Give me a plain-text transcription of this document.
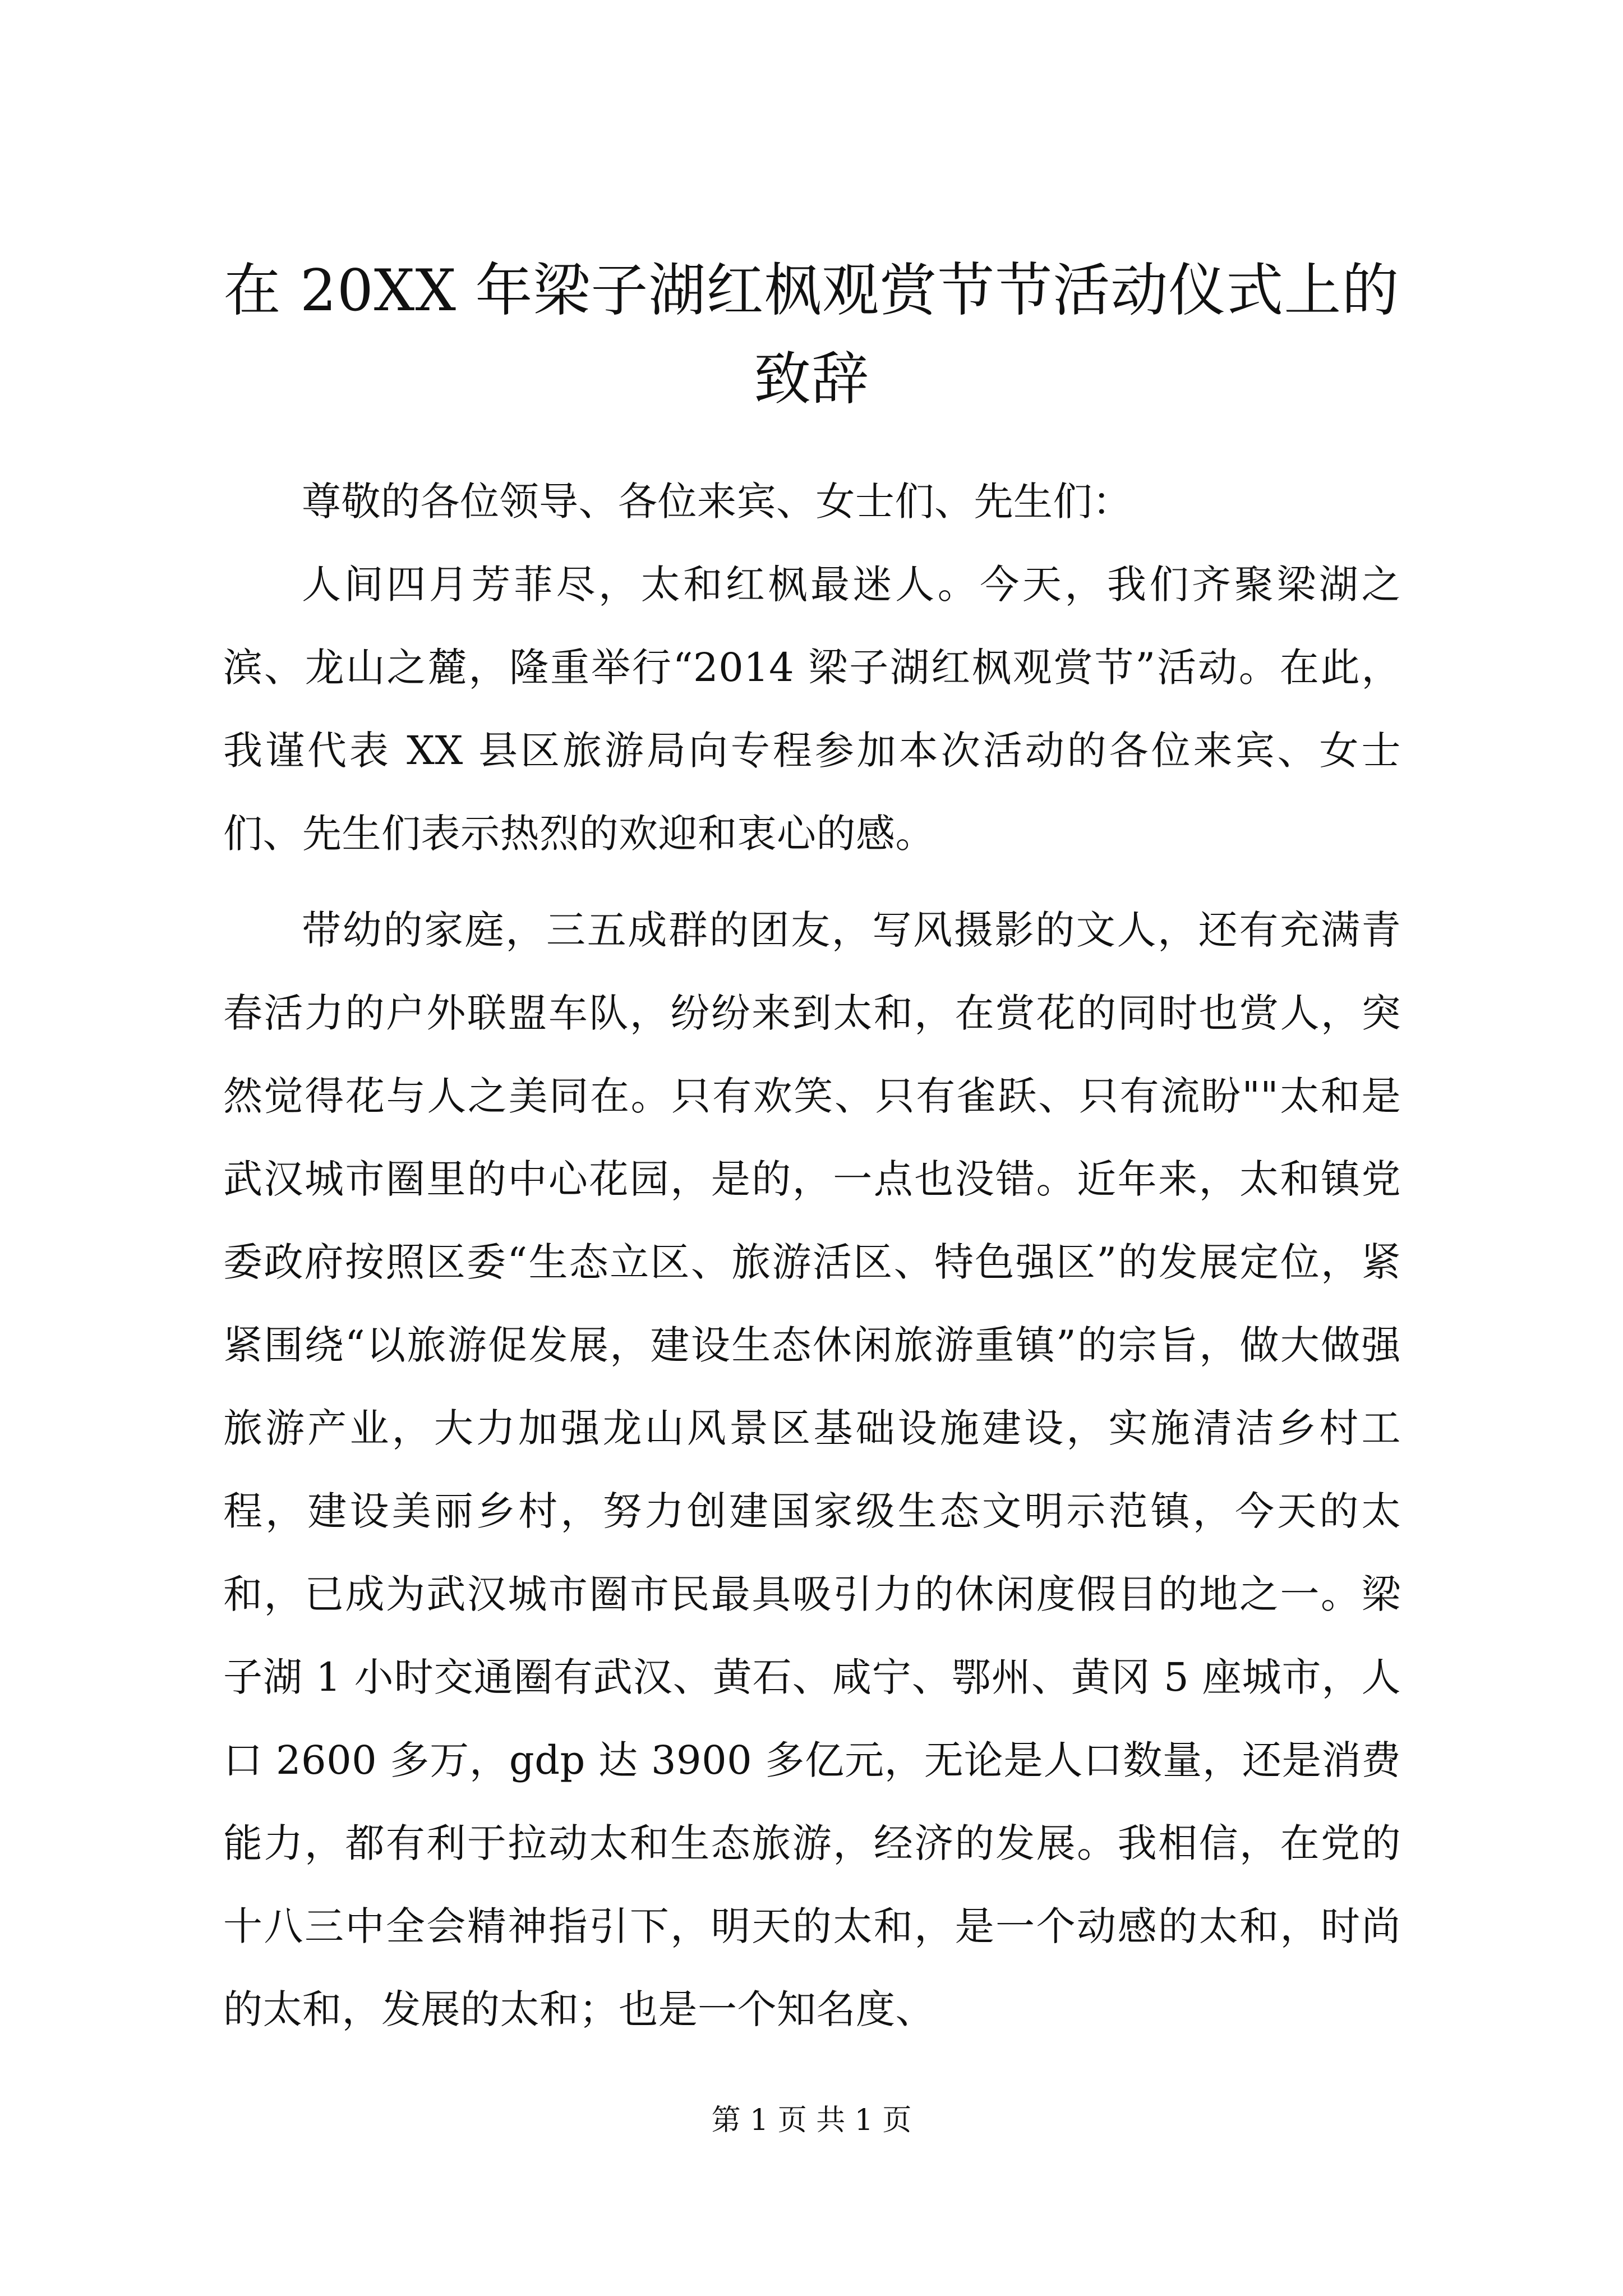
在 20XX 年梁子湖红枫观赏节节活动仪式上的
致辞

尊敬的各位领导、各位来宾、女士们、先生们：

人间四月芳菲尽，太和红枫最迷人。今天，我们齐聚梁湖之滨、龙山之麓，隆重举行“2014 梁子湖红枫观赏节”活动。在此，我谨代表 XX 县区旅游局向专程参加本次活动的各位来宾、女士们、先生们表示热烈的欢迎和衷心的感。

带幼的家庭，三五成群的团友，写风摄影的文人，还有充满青春活力的户外联盟车队，纷纷来到太和，在赏花的同时也赏人，突然觉得花与人之美同在。只有欢笑、只有雀跃、只有流盼""太和是武汉城市圈里的中心花园，是的，一点也没错。近年来，太和镇党委政府按照区委“生态立区、旅游活区、特色强区”的发展定位，紧紧围绕“以旅游促发展，建设生态休闲旅游重镇”的宗旨，做大做强旅游产业，大力加强龙山风景区基础设施建设，实施清洁乡村工程，建设美丽乡村，努力创建国家级生态文明示范镇，今天的太和，已成为武汉城市圈市民最具吸引力的休闲度假目的地之一。梁子湖 1 小时交通圈有武汉、黄石、咸宁、鄂州、黄冈 5 座城市，人口 2600 多万，gdp 达 3900 多亿元，无论是人口数量，还是消费能力，都有利于拉动太和生态旅游，经济的发展。我相信，在党的十八三中全会精神指引下，明天的太和，是一个动感的太和，时尚的太和，发展的太和；也是一个知名度、

第 1 页 共 1 页
